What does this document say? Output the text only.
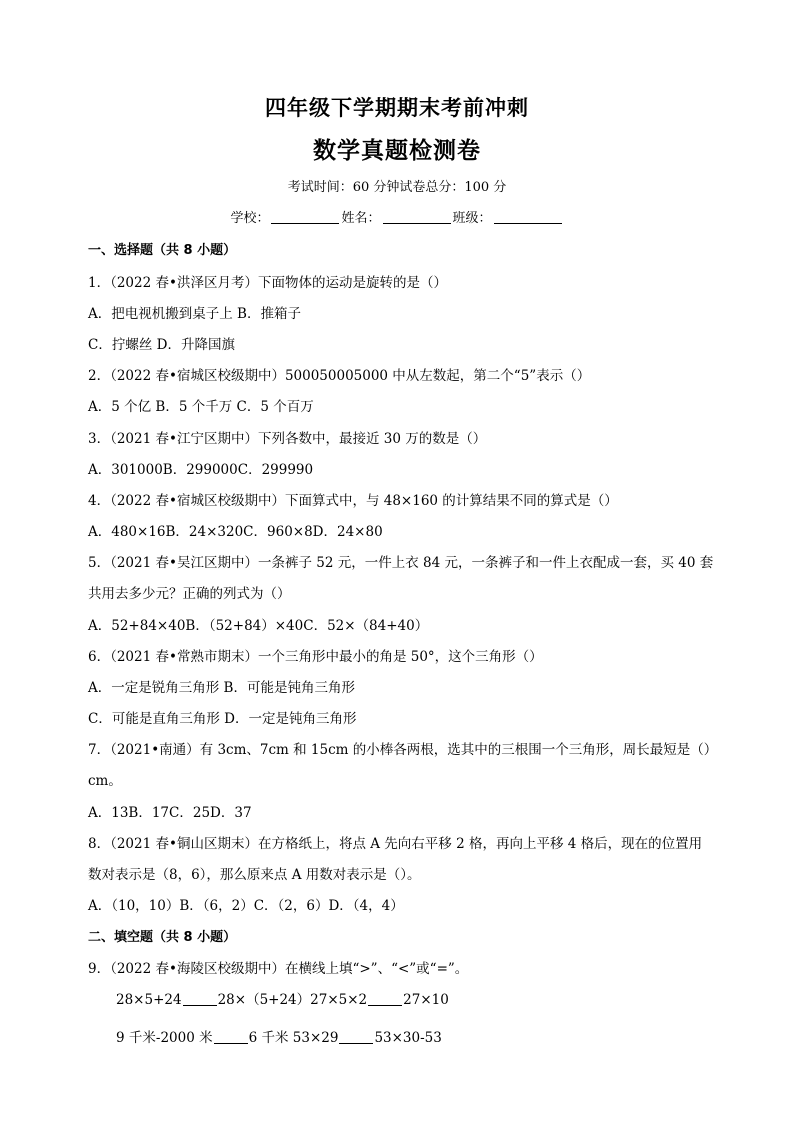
四年级下学期期末考前冲刺
数学真题检测卷
考试时间：60 分钟试卷总分：100 分
学校：	姓名：	班级：
一、选择题（共 8 小题）
1．（2022 春•洪泽区月考）下面物体的运动是旋转的是（）
A．把电视机搬到桌子上 B．推箱子
C．拧螺丝 D．升降国旗
2．（2022 春•宿城区校级期中）500050005000 中从左数起，第二个“5”表示（）
A．5 个亿 B．5 个千万 C．5 个百万
3．（2021 春•江宁区期中）下列各数中，最接近 30 万的数是（）
A．301000B．299000C．299990
4．（2022 春•宿城区校级期中）下面算式中，与 48×160 的计算结果不同的算式是（）
A．480×16B．24×320C．960×8D．24×80
5．（2021 春•吴江区期中）一条裤子 52 元，一件上衣 84 元，一条裤子和一件上衣配成一套，买 40 套
共用去多少元？正确的列式为（）
A．52+84×40B．（52+84）×40C．52×（84+40）
6．（2021 春•常熟市期末）一个三角形中最小的角是 50°，这个三角形（）
A．一定是锐角三角形 B．可能是钝角三角形
C．可能是直角三角形 D．一定是钝角三角形
7．（2021•南通）有 3cm、7cm 和 15cm 的小棒各两根，选其中的三根围一个三角形，周长最短是（）
cm。
A．13B．17C．25D．37
8．（2021 春•铜山区期末）在方格纸上，将点 A 先向右平移 2 格，再向上平移 4 格后，现在的位置用
数对表示是（8，6），那么原来点 A 用数对表示是（）。
A．（10，10）B．（6，2）C．（2，6）D．（4，4）
二、填空题（共 8 小题）
9．（2022 春•海陵区校级期中）在横线上填“>”、“<”或“=”。
28×5+24	28×（5+24）27×5×2	27×10
9 千米-2000 米	6 千米 53×29	53×30-53
